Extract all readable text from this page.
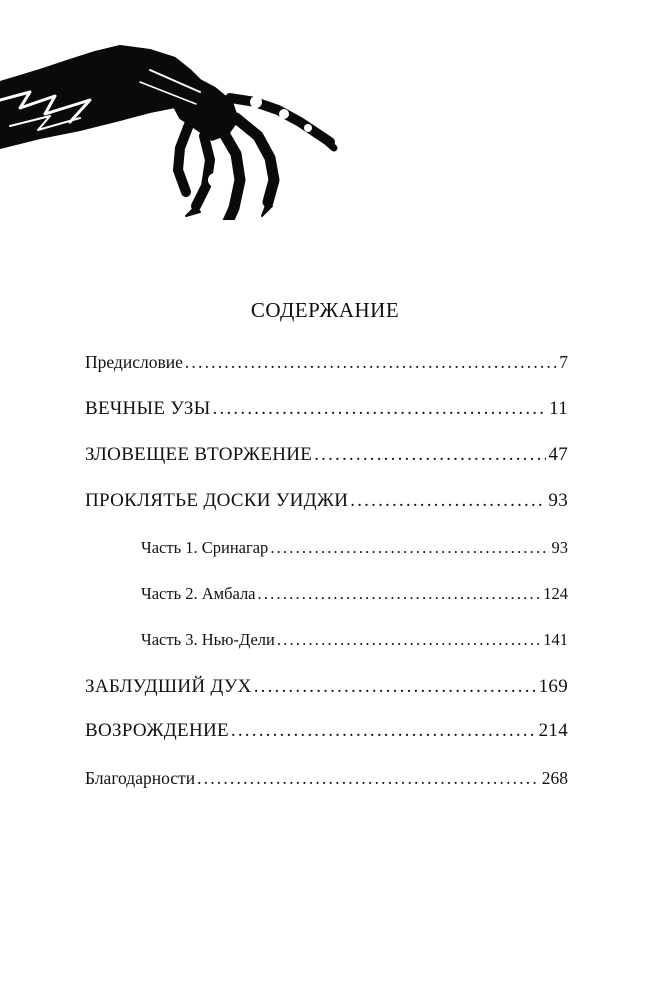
СОДЕРЖАНИЕ
Предисловие .....	7
ВЕЧНЫЕ УЗЫ .....	11
ЗЛОВЕЩЕЕ ВТОРЖЕНИЕ .....	47
ПРОКЛЯТЬЕ ДОСКИ УИДЖИ .....	93
Часть 1. Сринагар .....	93
Часть 2. Амбала .....	124
Часть 3. Нью-Дели .....	141
ЗАБЛУДШИЙ ДУХ .....	169
ВОЗРОЖДЕНИЕ .....	214
Благодарности .....	268
